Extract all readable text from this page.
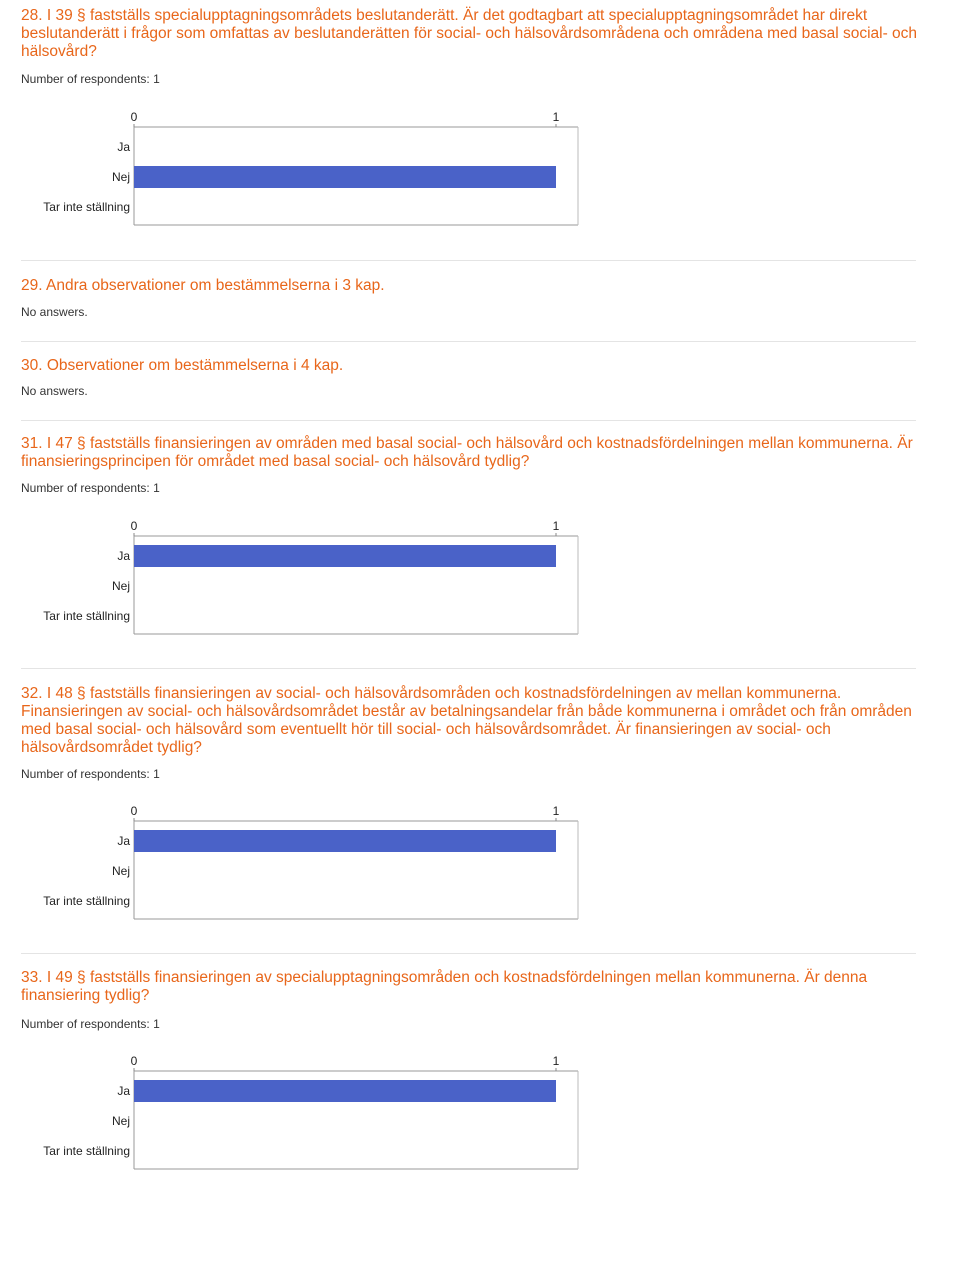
28. I 39 § fastställs specialupptagningsområdets beslutanderätt. Är det godtagbart att specialupptagningsområdet har direkt beslutanderätt i frågor som omfattas av beslutanderätten för social- och hälsovårdsområdena och områdena med basal social- och hälsovård?
Number of respondents: 1
0	1
Ja
Nej
Tar inte ställning
29. Andra observationer om bestämmelserna i 3 kap.
No answers.
30. Observationer om bestämmelserna i 4 kap.
No answers.
31. I 47 § fastställs finansieringen av områden med basal social- och hälsovård och kostnadsfördelningen mellan kommunerna. Är finansieringsprincipen för området med basal social- och hälsovård tydlig?
Number of respondents: 1
0	1
Ja
Nej
Tar inte ställning
32. I 48 § fastställs finansieringen av social- och hälsovårdsområden och kostnadsfördelningen av mellan kommunerna. Finansieringen av social- och hälsovårdsområdet består av betalningsandelar från både kommunerna i området och från områden med basal social- och hälsovård som eventuellt hör till social- och hälsovårdsområdet. Är finansieringen av social- och hälsovårdsområdet tydlig?
Number of respondents: 1
0	1
Ja
Nej
Tar inte ställning
33. I 49 § fastställs finansieringen av specialupptagningsområden och kostnadsfördelningen mellan kommunerna. Är denna finansiering tydlig?
Number of respondents: 1
0	1
Ja
Nej
Tar inte ställning
